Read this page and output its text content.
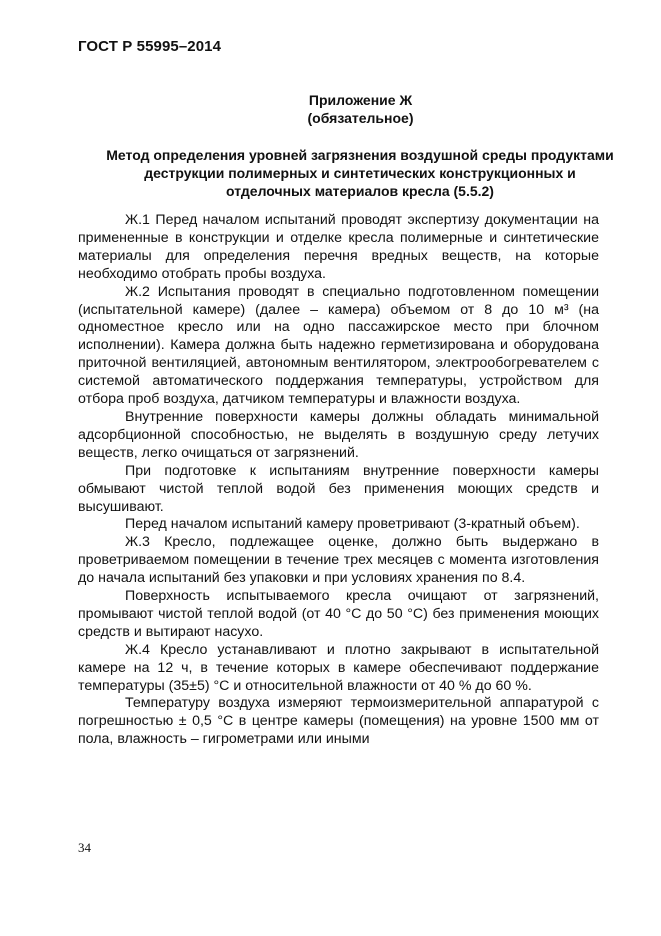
ГОСТ Р 55995–2014
Приложение Ж
(обязательное)
Метод определения уровней загрязнения воздушной среды продуктами деструкции полимерных и синтетических конструкционных и отделочных материалов кресла (5.5.2)

Ж.1 Перед началом испытаний проводят экспертизу документации на примененные в конструкции и отделке кресла полимерные и синтетические материалы для определения перечня вредных веществ, на которые необходимо отобрать пробы воздуха.

Ж.2 Испытания проводят в специально подготовленном помещении (испытательной камере) (далее – камера) объемом от 8 до 10 м³ (на одноместное кресло или на одно пассажирское место при блочном исполнении). Камера должна быть надежно герметизирована и оборудована приточной вентиляцией, автономным вентилятором, электрообогревателем с системой автоматического поддержания температуры, устройством для отбора проб воздуха, датчиком температуры и влажности воздуха.

Внутренние поверхности камеры должны обладать минимальной адсорбционной способностью, не выделять в воздушную среду летучих веществ, легко очищаться от загрязнений.

При подготовке к испытаниям внутренние поверхности камеры обмывают чистой теплой водой без применения моющих средств и высушивают.

Перед началом испытаний камеру проветривают (3-кратный объем).

Ж.3 Кресло, подлежащее оценке, должно быть выдержано в проветриваемом помещении в течение трех месяцев с момента изготовления до начала испытаний без упаковки и при условиях хранения по 8.4.

Поверхность испытываемого кресла очищают от загрязнений, промывают чистой теплой водой (от 40 °С до 50 °С) без применения моющих средств и вытирают насухо.

Ж.4 Кресло устанавливают и плотно закрывают в испытательной камере на 12 ч, в течение которых в камере обеспечивают поддержание температуры (35±5) °С и относительной влажности от 40 % до 60 %.

Температуру воздуха измеряют термоизмерительной аппаратурой с погрешностью ± 0,5 °С в центре камеры (помещения) на уровне 1500 мм от пола, влажность – гигрометрами или иными

34
